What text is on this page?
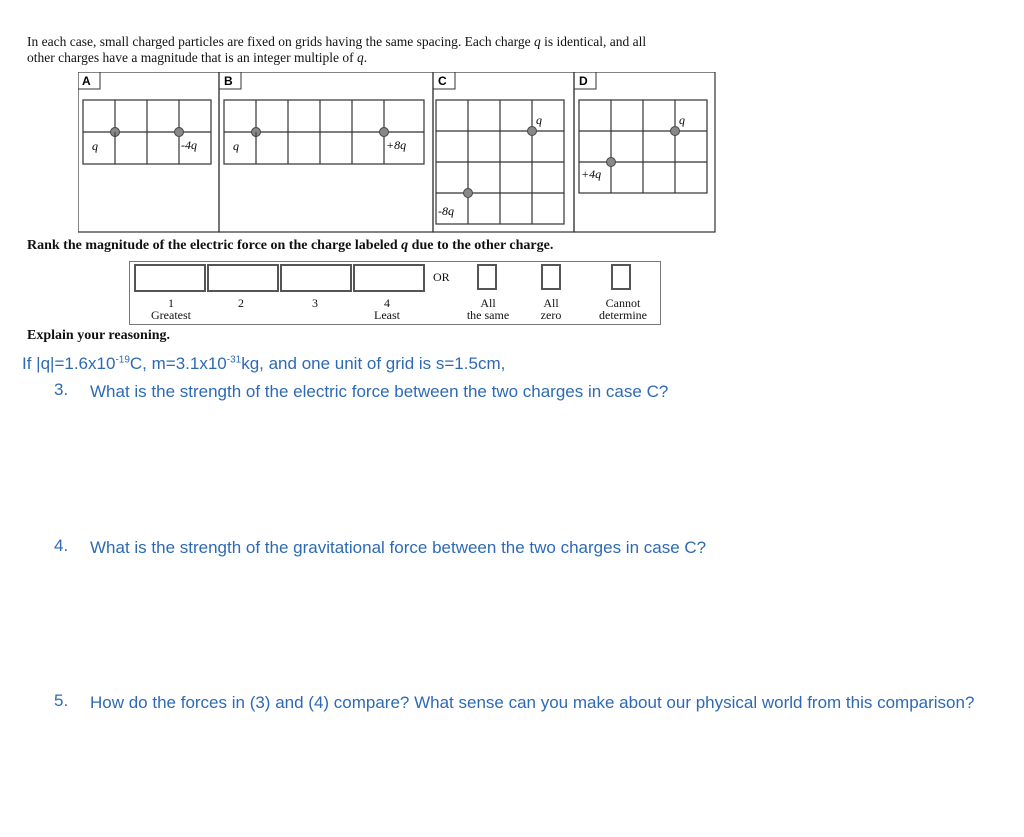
In each case, small charged particles are fixed on grids having the same spacing. Each charge q is identical, and all
other charges have a magnitude that is an integer multiple of q.
A
q	-4q
B
q	+8q
C
q
-8q
D
q
+4q
Rank the magnitude of the electric force on the charge labeled q due to the other charge.
OR
1
Greatest
2	3	4
Least
All
the same
All
zero
Cannot
determine
Explain your reasoning.
If $|q|=1.6x10^{-19}C$, $m=3.1x10^{-31}kg$, and one unit of grid is s=1.5cm,
3. What is the strength of the electric force between the two charges in case C?
4. What is the strength of the gravitational force between the two charges in case C?
5. How do the forces in (3) and (4) compare? What sense can you make about our physical world from this comparison?
